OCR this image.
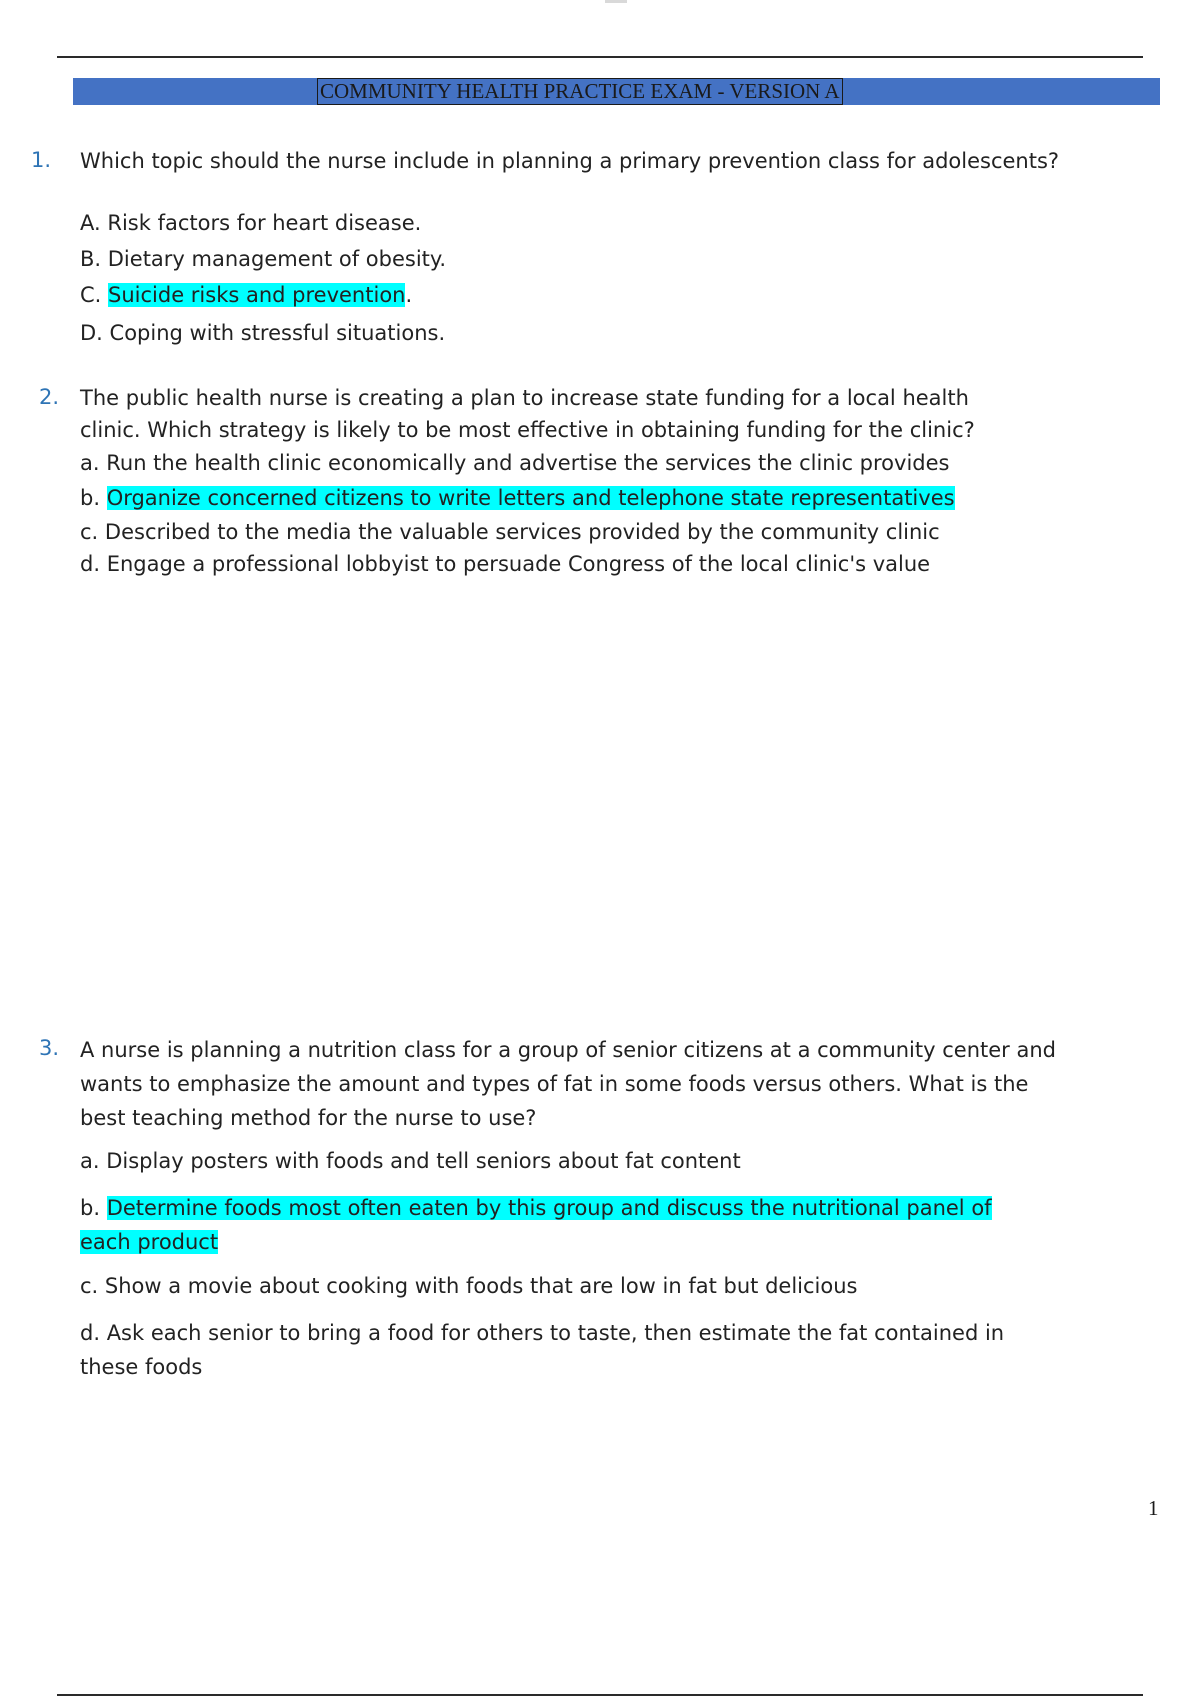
COMMUNITY HEALTH PRACTICE EXAM - VERSION A
1. Which topic should the nurse include in planning a primary prevention class for adolescents?
A. Risk factors for heart disease.
B. Dietary management of obesity.
C. Suicide risks and prevention.
D. Coping with stressful situations.
2. The public health nurse is creating a plan to increase state funding for a local health
clinic. Which strategy is likely to be most effective in obtaining funding for the clinic?
a. Run the health clinic economically and advertise the services the clinic provides
b. Organize concerned citizens to write letters and telephone state representatives
c. Described to the media the valuable services provided by the community clinic
d. Engage a professional lobbyist to persuade Congress of the local clinic's value
3. A nurse is planning a nutrition class for a group of senior citizens at a community center and
wants to emphasize the amount and types of fat in some foods versus others. What is the
best teaching method for the nurse to use?
a. Display posters with foods and tell seniors about fat content
b. Determine foods most often eaten by this group and discuss the nutritional panel of
each product
c. Show a movie about cooking with foods that are low in fat but delicious
d. Ask each senior to bring a food for others to taste, then estimate the fat contained in
these foods
1
